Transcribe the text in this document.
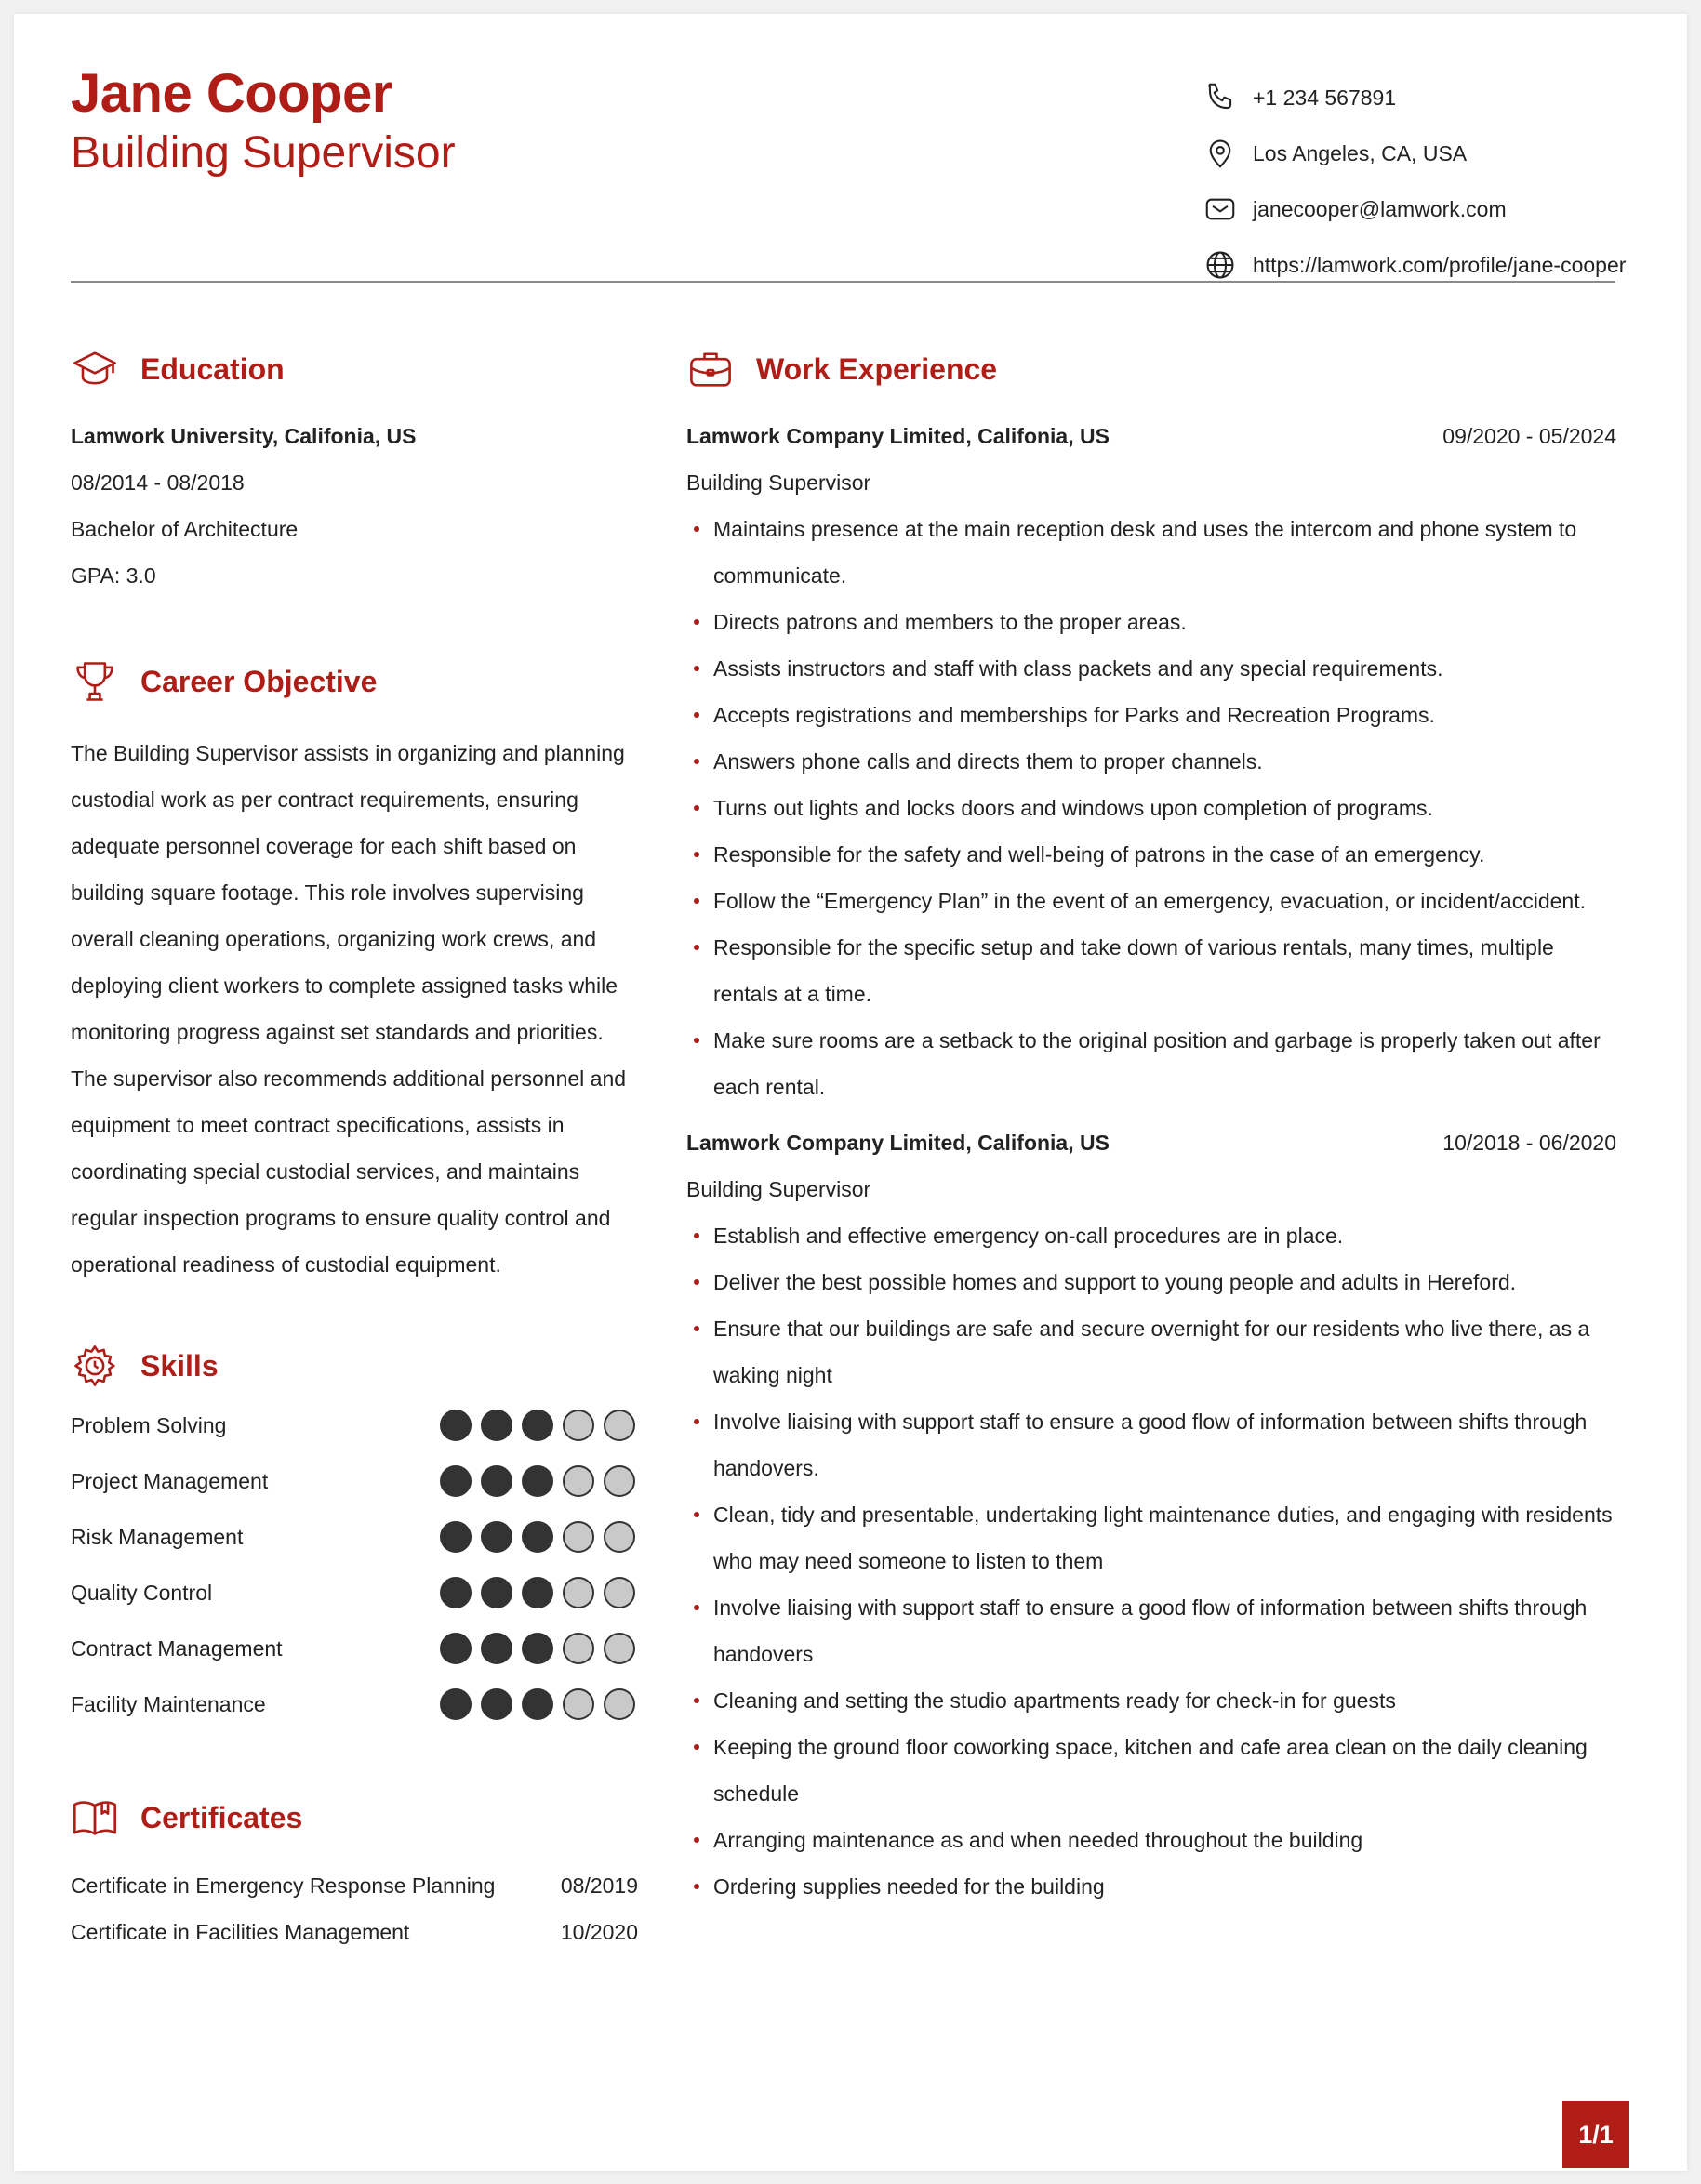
Jane Cooper
Building Supervisor
+1 234 567891
Los Angeles, CA, USA
janecooper@lamwork.com
https://lamwork.com/profile/jane-cooper
Education
Lamwork University, Califonia, US
08/2014 - 08/2018
Bachelor of Architecture
GPA: 3.0
Career Objective
The Building Supervisor assists in organizing and planning custodial work as per contract requirements, ensuring adequate personnel coverage for each shift based on building square footage. This role involves supervising overall cleaning operations, organizing work crews, and deploying client workers to complete assigned tasks while monitoring progress against set standards and priorities. The supervisor also recommends additional personnel and equipment to meet contract specifications, assists in coordinating special custodial services, and maintains regular inspection programs to ensure quality control and operational readiness of custodial equipment.
Skills
Problem Solving
Project Management
Risk Management
Quality Control
Contract Management
Facility Maintenance
Certificates
Certificate in Emergency Response Planning	08/2019
Certificate in Facilities Management	10/2020
Work Experience
Lamwork Company Limited, Califonia, US	09/2020 - 05/2024
Building Supervisor
Maintains presence at the main reception desk and uses the intercom and phone system to communicate.
Directs patrons and members to the proper areas.
Assists instructors and staff with class packets and any special requirements.
Accepts registrations and memberships for Parks and Recreation Programs.
Answers phone calls and directs them to proper channels.
Turns out lights and locks doors and windows upon completion of programs.
Responsible for the safety and well-being of patrons in the case of an emergency.
Follow the “Emergency Plan” in the event of an emergency, evacuation, or incident/accident.
Responsible for the specific setup and take down of various rentals, many times, multiple rentals at a time.
Make sure rooms are a setback to the original position and garbage is properly taken out after each rental.
Lamwork Company Limited, Califonia, US	10/2018 - 06/2020
Building Supervisor
Establish and effective emergency on-call procedures are in place.
Deliver the best possible homes and support to young people and adults in Hereford.
Ensure that our buildings are safe and secure overnight for our residents who live there, as a waking night
Involve liaising with support staff to ensure a good flow of information between shifts through handovers.
Clean, tidy and presentable, undertaking light maintenance duties, and engaging with residents who may need someone to listen to them
Involve liaising with support staff to ensure a good flow of information between shifts through handovers
Cleaning and setting the studio apartments ready for check-in for guests
Keeping the ground floor coworking space, kitchen and cafe area clean on the daily cleaning schedule
Arranging maintenance as and when needed throughout the building
Ordering supplies needed for the building
1/1
